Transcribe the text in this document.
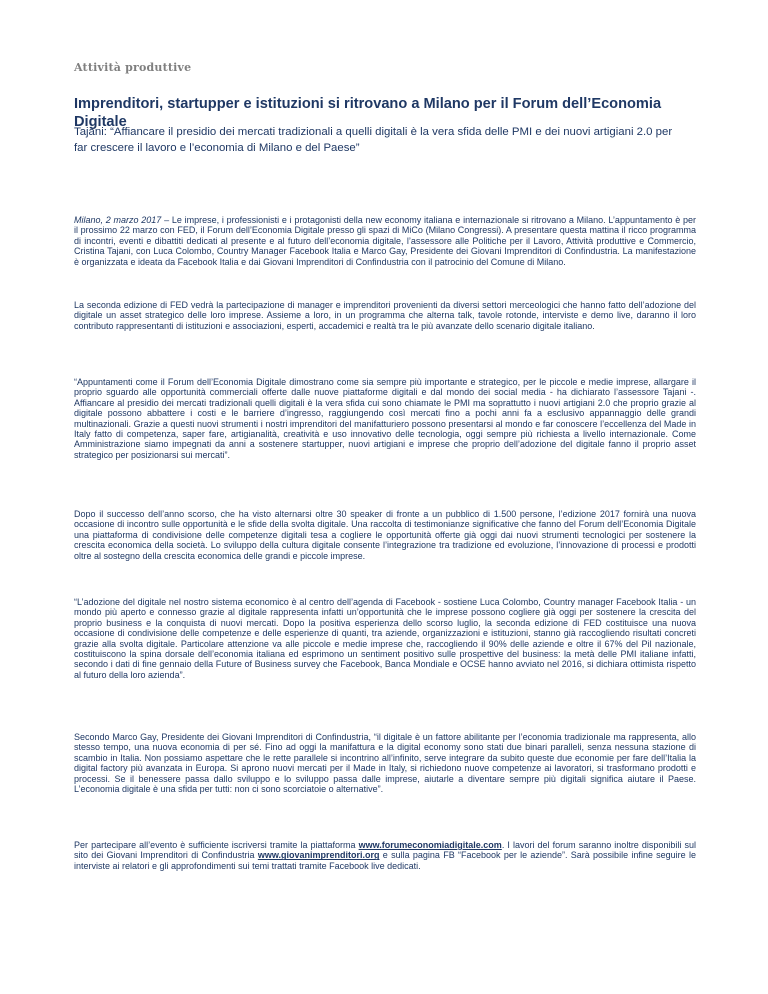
Attività produttive
Imprenditori, startupper e istituzioni si ritrovano a Milano per il Forum dell’Economia Digitale
Tajani: “Affiancare il presidio dei mercati tradizionali a quelli digitali è la vera sfida delle PMI e dei nuovi artigiani 2.0 per far crescere il lavoro e l’economia di Milano e del Paese”

Milano, 2 marzo 2017 – Le imprese, i professionisti e i protagonisti della new economy italiana e internazionale si ritrovano a Milano. L’appuntamento è per il prossimo 22 marzo con FED, il Forum dell’Economia Digitale presso gli spazi di MiCo (Milano Congressi). A presentare questa mattina il ricco programma di incontri, eventi e dibattiti dedicati al presente e al futuro dell’economia digitale, l’assessore alle Politiche per il Lavoro, Attività produttive e Commercio, Cristina Tajani, con Luca Colombo, Country Manager Facebook Italia e Marco Gay, Presidente dei Giovani Imprenditori di Confindustria. La manifestazione è organizzata e ideata da Facebook Italia e dai Giovani Imprenditori di Confindustria con il patrocinio del Comune di Milano.

La seconda edizione di FED vedrà la partecipazione di manager e imprenditori provenienti da diversi settori merceologici che hanno fatto dell’adozione del digitale un asset strategico delle loro imprese. Assieme a loro, in un programma che alterna talk, tavole rotonde, interviste e demo live, daranno il loro contributo rappresentanti di istituzioni e associazioni, esperti, accademici e realtà tra le più avanzate dello scenario digitale italiano.

“Appuntamenti come il Forum dell’Economia Digitale dimostrano come sia sempre più importante e strategico, per le piccole e medie imprese, allargare il proprio sguardo alle opportunità commerciali offerte dalle nuove piattaforme digitali e dal mondo dei social media - ha dichiarato l’assessore Tajani -. Affiancare al presidio dei mercati tradizionali quelli digitali è la vera sfida cui sono chiamate le PMI ma soprattutto i nuovi artigiani 2.0 che proprio grazie al digitale possono abbattere i costi e le barriere d’ingresso, raggiungendo così mercati fino a pochi anni fa a esclusivo appannaggio delle grandi multinazionali. Grazie a questi nuovi strumenti i nostri imprenditori del manifatturiero possono presentarsi al mondo e far conoscere l’eccellenza del Made in Italy fatto di competenza, saper fare, artigianalità, creatività e uso innovativo delle tecnologia, oggi sempre più richiesta a livello internazionale. Come Amministrazione siamo impegnati da anni a sostenere startupper, nuovi artigiani e imprese che proprio dell’adozione del digitale fanno il proprio asset strategico per posizionarsi sui mercati”.

Dopo il successo dell’anno scorso, che ha visto alternarsi oltre 30 speaker di fronte a un pubblico di 1.500 persone, l’edizione 2017 fornirà una nuova occasione di incontro sulle opportunità e le sfide della svolta digitale. Una raccolta di testimonianze significative che fanno del Forum dell’Economia Digitale una piattaforma di condivisione delle competenze digitali tesa a cogliere le opportunità offerte già oggi dai nuovi strumenti tecnologici per sostenere la crescita economica della società. Lo sviluppo della cultura digitale consente l’integrazione tra tradizione ed evoluzione, l’innovazione di processi e prodotti oltre al sostegno della crescita economica delle grandi e piccole imprese.

“L’adozione del digitale nel nostro sistema economico è al centro dell’agenda di Facebook - sostiene Luca Colombo, Country manager Facebook Italia - un mondo più aperto e connesso grazie al digitale rappresenta infatti un’opportunità che le imprese possono cogliere già oggi per sostenere la crescita del proprio business e la conquista di nuovi mercati. Dopo la positiva esperienza dello scorso luglio, la seconda edizione di FED costituisce una nuova occasione di condivisione delle competenze e delle esperienze di quanti, tra aziende, organizzazioni e istituzioni, stanno già raccogliendo risultati concreti grazie alla svolta digitale. Particolare attenzione va alle piccole e medie imprese che, raccogliendo il 90% delle aziende e oltre il 67% del Pil nazionale, costituiscono la spina dorsale dell’economia italiana ed esprimono un sentiment positivo sulle prospettive del business: la metà delle PMI italiane infatti, secondo i dati di fine gennaio della Future of Business survey che Facebook, Banca Mondiale e OCSE hanno avviato nel 2016, si dichiara ottimista rispetto al futuro della loro azienda”.

Secondo Marco Gay, Presidente dei Giovani Imprenditori di Confindustria, “il digitale è un fattore abilitante per l’economia tradizionale ma rappresenta, allo stesso tempo, una nuova economia di per sé. Fino ad oggi la manifattura e la digital economy sono stati due binari paralleli, senza nessuna stazione di scambio in Italia. Non possiamo aspettare che le rette parallele si incontrino all’infinito, serve integrare da subito queste due economie per fare dell’Italia la digital factory più avanzata in Europa. Si aprono nuovi mercati per il Made in Italy, si richiedono nuove competenze ai lavoratori, si trasformano prodotti e processi. Se il benessere passa dallo sviluppo e lo sviluppo passa dalle imprese, aiutarle a diventare sempre più digitali significa aiutare il Paese. L’economia digitale è una sfida per tutti: non ci sono scorciatoie o alternative”.

Per partecipare all’evento è sufficiente iscriversi tramite la piattaforma www.forumeconomiadigitale.com. I lavori del forum saranno inoltre disponibili sul sito dei Giovani Imprenditori di Confindustria www.giovanimprenditori.org e sulla pagina FB “Facebook per le aziende”. Sarà possibile infine seguire le interviste ai relatori e gli approfondimenti sui temi trattati tramite Facebook live dedicati.
